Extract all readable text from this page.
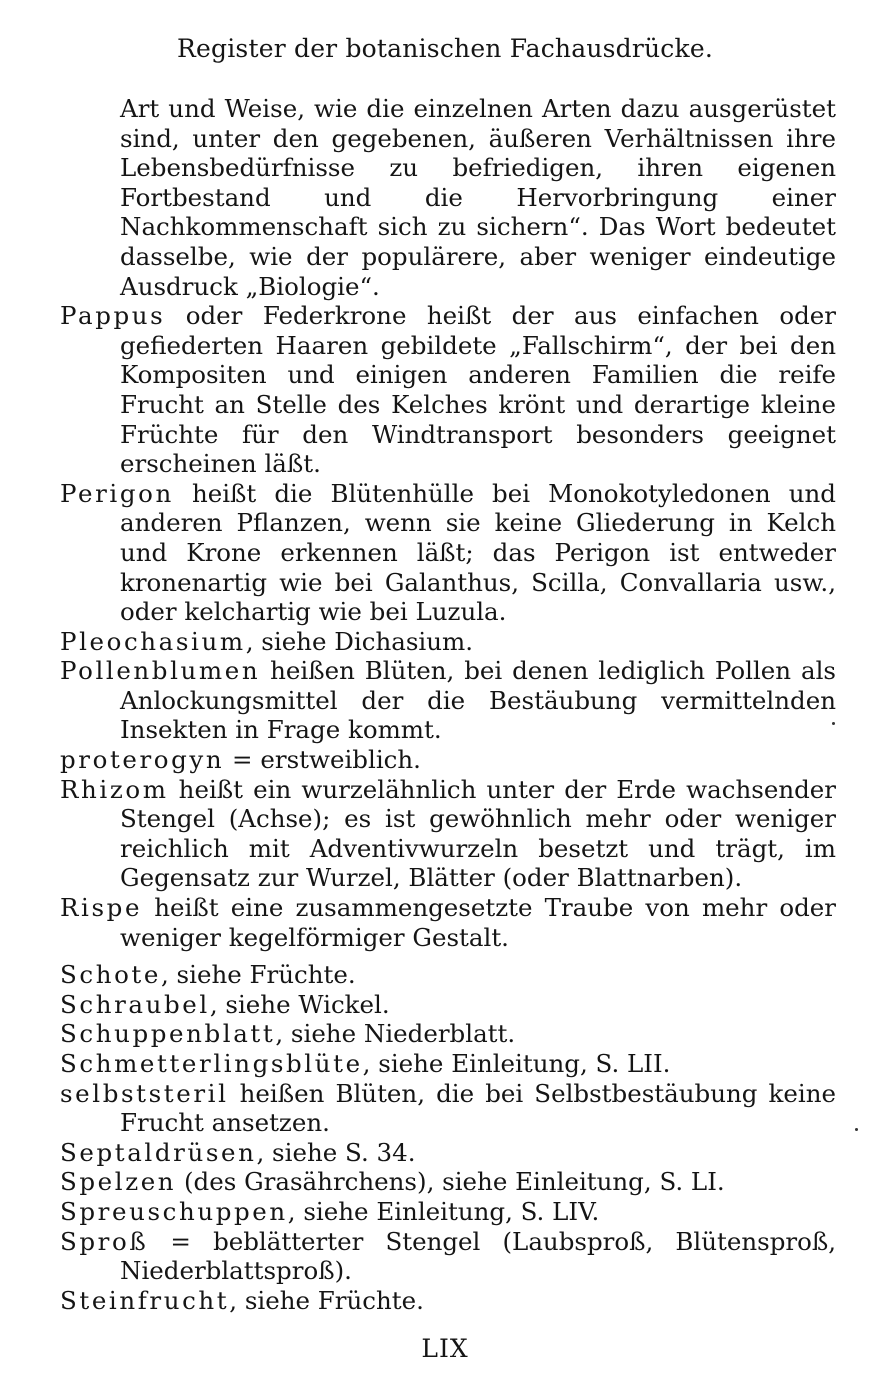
Register der botanischen Fachausdrücke.

Art und Weise, wie die einzelnen Arten dazu ausgerüstet sind, unter den gegebenen, äußeren Verhältnissen ihre Lebensbedürfnisse zu befriedigen, ihren eigenen Fortbestand und die Hervorbringung einer Nachkommenschaft sich zu sichern“. Das Wort bedeutet dasselbe, wie der populärere, aber weniger eindeutige Ausdruck „Biologie“.

Pappus oder Federkrone heißt der aus einfachen oder gefiederten Haaren gebildete „Fallschirm“, der bei den Kompositen und einigen anderen Familien die reife Frucht an Stelle des Kelches krönt und derartige kleine Früchte für den Windtransport besonders geeignet erscheinen läßt.

Perigon heißt die Blütenhülle bei Monokotyledonen und anderen Pflanzen, wenn sie keine Gliederung in Kelch und Krone erkennen läßt; das Perigon ist entweder kronenartig wie bei Galanthus, Scilla, Convallaria usw., oder kelchartig wie bei Luzula.

Pleochasium, siehe Dichasium.

Pollenblumen heißen Blüten, bei denen lediglich Pollen als Anlockungsmittel der die Bestäubung vermittelnden Insekten in Frage kommt.

proterogyn = erstweiblich.

Rhizom heißt ein wurzelähnlich unter der Erde wachsender Stengel (Achse); es ist gewöhnlich mehr oder weniger reichlich mit Adventivwurzeln besetzt und trägt, im Gegensatz zur Wurzel, Blätter (oder Blattnarben).

Rispe heißt eine zusammengesetzte Traube von mehr oder weniger kegelförmiger Gestalt.

Schote, siehe Früchte.

Schraubel, siehe Wickel.

Schuppenblatt, siehe Niederblatt.

Schmetterlingsblüte, siehe Einleitung, S. LII.

selbststeril heißen Blüten, die bei Selbstbestäubung keine Frucht ansetzen.

Septaldrüsen, siehe S. 34.

Spelzen (des Grasährchens), siehe Einleitung, S. LI.

Spreuschuppen, siehe Einleitung, S. LIV.

Sproß = beblätterter Stengel (Laubsproß, Blütensproß, Niederblattsproß).

Steinfrucht, siehe Früchte.

LIX
